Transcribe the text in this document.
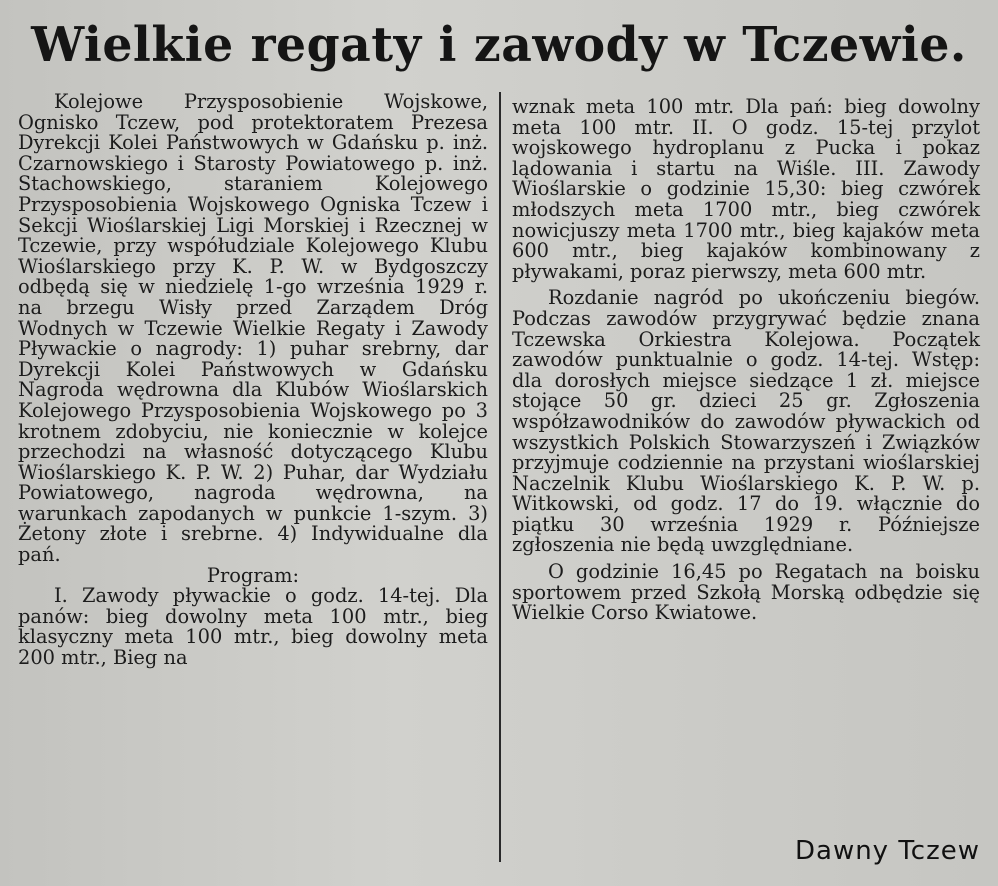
Wielkie regaty i zawody w Tczewie.

Kolejowe Przysposobienie Wojskowe, Ognisko Tczew, pod protektoratem Prezesa Dyrekcji Kolei Państwowych w Gdańsku p. inż. Czarnowskiego i Starosty Powiatowego p. inż. Stachowskiego, staraniem Kolejowego Przysposobienia Wojskowego Ogniska Tczew i Sekcji Wioślarskiej Ligi Morskiej i Rzecznej w Tczewie, przy współudziale Kolejowego Klubu Wioślarskiego przy K. P. W. w Bydgoszczy odbędą się w niedzielę 1-go września 1929 r. na brzegu Wisły przed Zarządem Dróg Wodnych w Tczewie Wielkie Regaty i Zawody Pływackie o nagrody: 1) puhar srebrny, dar Dyrekcji Kolei Państwowych w Gdańsku Nagroda wędrowna dla Klubów Wioślarskich Kolejowego Przysposobienia Wojskowego po 3 krotnem zdobyciu, nie koniecznie w kolejce przechodzi na własność dotyczącego Klubu Wioślarskiego K. P. W. 2) Puhar, dar Wydziału Powiatowego, nagroda wędrowna, na warunkach zapodanych w punkcie 1-szym. 3) Żetony złote i srebrne. 4) Indywidualne dla pań.

Program:

I. Zawody pływackie o godz. 14-tej. Dla panów: bieg dowolny meta 100 mtr., bieg klasyczny meta 100 mtr., bieg dowolny meta 200 mtr., Bieg na

wznak meta 100 mtr. Dla pań: bieg dowolny meta 100 mtr. II. O godz. 15-tej przylot wojskowego hydroplanu z Pucka i pokaz lądowania i startu na Wiśle. III. Zawody Wioślarskie o godzinie 15,30: bieg czwórek młodszych meta 1700 mtr., bieg czwórek nowicjuszy meta 1700 mtr., bieg kajaków meta 600 mtr., bieg kajaków kombinowany z pływakami, poraz pierwszy, meta 600 mtr.

Rozdanie nagród po ukończeniu biegów. Podczas zawodów przygrywać będzie znana Tczewska Orkiestra Kolejowa. Początek zawodów punktualnie o godz. 14-tej. Wstęp: dla dorosłych miejsce siedzące 1 zł. miejsce stojące 50 gr. dzieci 25 gr. Zgłoszenia współzawodników do zawodów pływackich od wszystkich Polskich Stowarzyszeń i Związków przyjmuje codziennie na przystani wioślarskiej Naczelnik Klubu Wioślarskiego K. P. W. p. Witkowski, od godz. 17 do 19. włącznie do piątku 30 września 1929 r. Późniejsze zgłoszenia nie będą uwzględniane.

O godzinie 16,45 po Regatach na boisku sportowem przed Szkołą Morską odbędzie się Wielkie Corso Kwiatowe.

Dawny Tczew
